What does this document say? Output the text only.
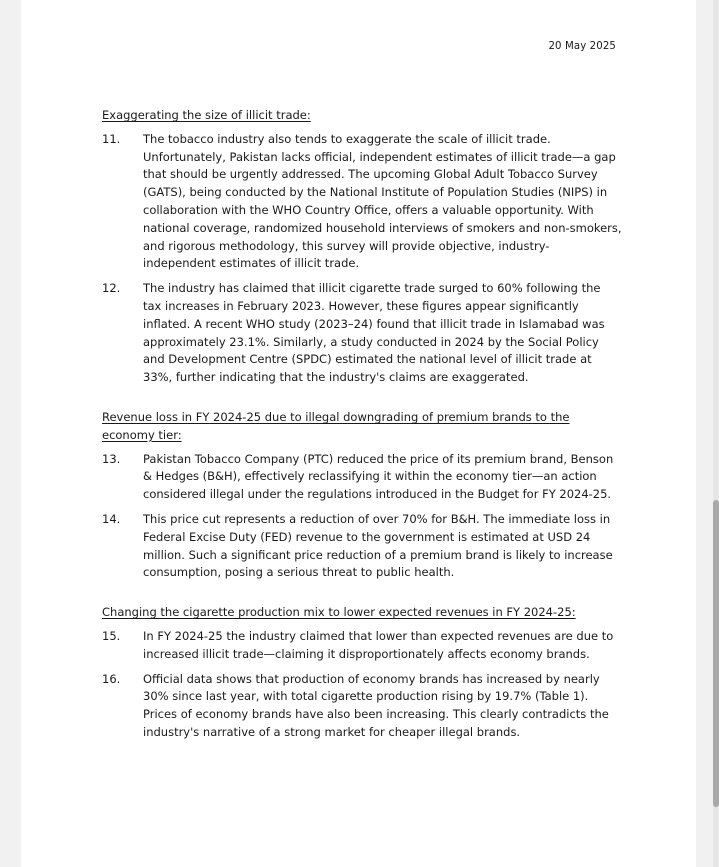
20 May 2025
Exaggerating the size of illicit trade:
11.	The tobacco industry also tends to exaggerate the scale of illicit trade. Unfortunately, Pakistan lacks official, independent estimates of illicit trade—a gap that should be urgently addressed. The upcoming Global Adult Tobacco Survey (GATS), being conducted by the National Institute of Population Studies (NIPS) in collaboration with the WHO Country Office, offers a valuable opportunity. With national coverage, randomized household interviews of smokers and non-smokers, and rigorous methodology, this survey will provide objective, industry-independent estimates of illicit trade.
12.	The industry has claimed that illicit cigarette trade surged to 60% following the tax increases in February 2023. However, these figures appear significantly inflated. A recent WHO study (2023–24) found that illicit trade in Islamabad was approximately 23.1%. Similarly, a study conducted in 2024 by the Social Policy and Development Centre (SPDC) estimated the national level of illicit trade at 33%, further indicating that the industry's claims are exaggerated.
Revenue loss in FY 2024-25 due to illegal downgrading of premium brands to the economy tier:
13.	Pakistan Tobacco Company (PTC) reduced the price of its premium brand, Benson & Hedges (B&H), effectively reclassifying it within the economy tier—an action considered illegal under the regulations introduced in the Budget for FY 2024-25.
14.	This price cut represents a reduction of over 70% for B&H. The immediate loss in Federal Excise Duty (FED) revenue to the government is estimated at USD 24 million. Such a significant price reduction of a premium brand is likely to increase consumption, posing a serious threat to public health.
Changing the cigarette production mix to lower expected revenues in FY 2024-25:
15.	In FY 2024-25 the industry claimed that lower than expected revenues are due to increased illicit trade—claiming it disproportionately affects economy brands.
16.	Official data shows that production of economy brands has increased by nearly 30% since last year, with total cigarette production rising by 19.7% (Table 1). Prices of economy brands have also been increasing. This clearly contradicts the industry's narrative of a strong market for cheaper illegal brands.
